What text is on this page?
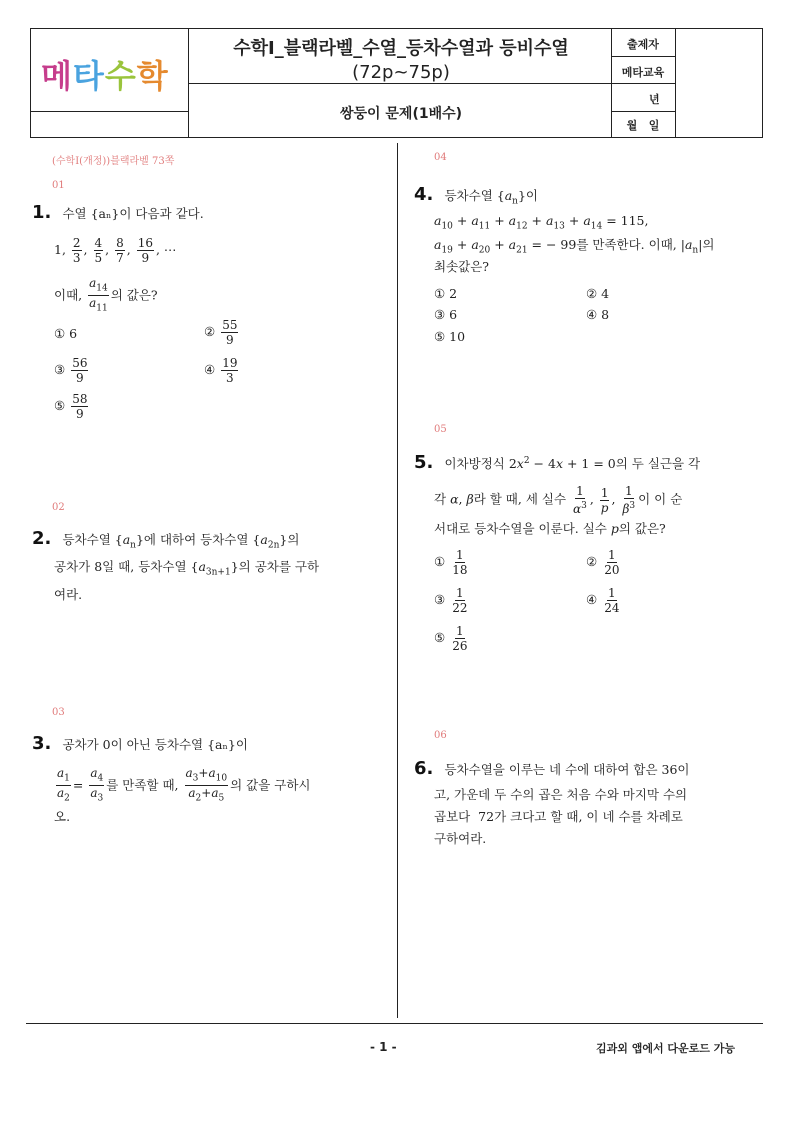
메타수학
수학Ⅰ_블랙라벨_수열_등차수열과 등비수열
(72p~75p)
쌍둥이 문제(1배수)
출제자
메타교육
년
월   일
(수학I(개정))블랙라벨 73쪽
01
1. 수열 {aₙ}이 다음과 같다.
1, $\frac{2}{3}$ , $\frac{4}{5}$ , $\frac{8}{7}$ , $\frac{16}{9}$ , ⋯
이때, $\frac{a_{14}}{a_{11}}$ 의 값은?
① 6	② $\frac{55}{9}$
③ $\frac{56}{9}$	④ $\frac{19}{3}$
⑤ $\frac{58}{9}$
02
2. 등차수열 $\{a_n\}$에 대하여 등차수열 $\{a_{2n}\}$의
공차가 8일 때, 등차수열 $\{a_{3n+1}\}$의 공차를 구하
여라.
03
3. 공차가 0이 아닌 등차수열 {aₙ}이
$\frac{a_1}{a_2} = \frac{a_4}{a_3}$ 를 만족할 때, $\frac{a_3+a_{10}}{a_2+a_5}$ 의 값을 구하시
오.
04
4. 등차수열 $\{a_n\}$이
$a_{10} + a_{11} + a_{12} + a_{13} + a_{14} = 115$,
$a_{19} + a_{20} + a_{21}$ = − 99를 만족한다. 이때, $|a_n|$의
최솟값은?
① 2	② 4
③ 6	④ 8
⑤ 10
05
5. 이차방정식 $2x^2 - 4x + 1 = 0$의 두 실근을 각
각 α, β라 할 때, 세 실수 $\frac{1}{\alpha^3}$ , $\frac{1}{p}$ , $\frac{1}{\beta^3}$ 이 이 순
서대로 등차수열을 이룬다. 실수 p의 값은?
① $\frac{1}{18}$	② $\frac{1}{20}$
③ $\frac{1}{22}$	④ $\frac{1}{24}$
⑤ $\frac{1}{26}$
06
6. 등차수열을 이루는 네 수에 대하여 합은 36이
고, 가운데 두 수의 곱은 처음 수와 마지막 수의
곱보다  72가 크다고 할 때, 이 네 수를 차례로
구하여라.
- 1 -	김과외 앱에서 다운로드 가능
